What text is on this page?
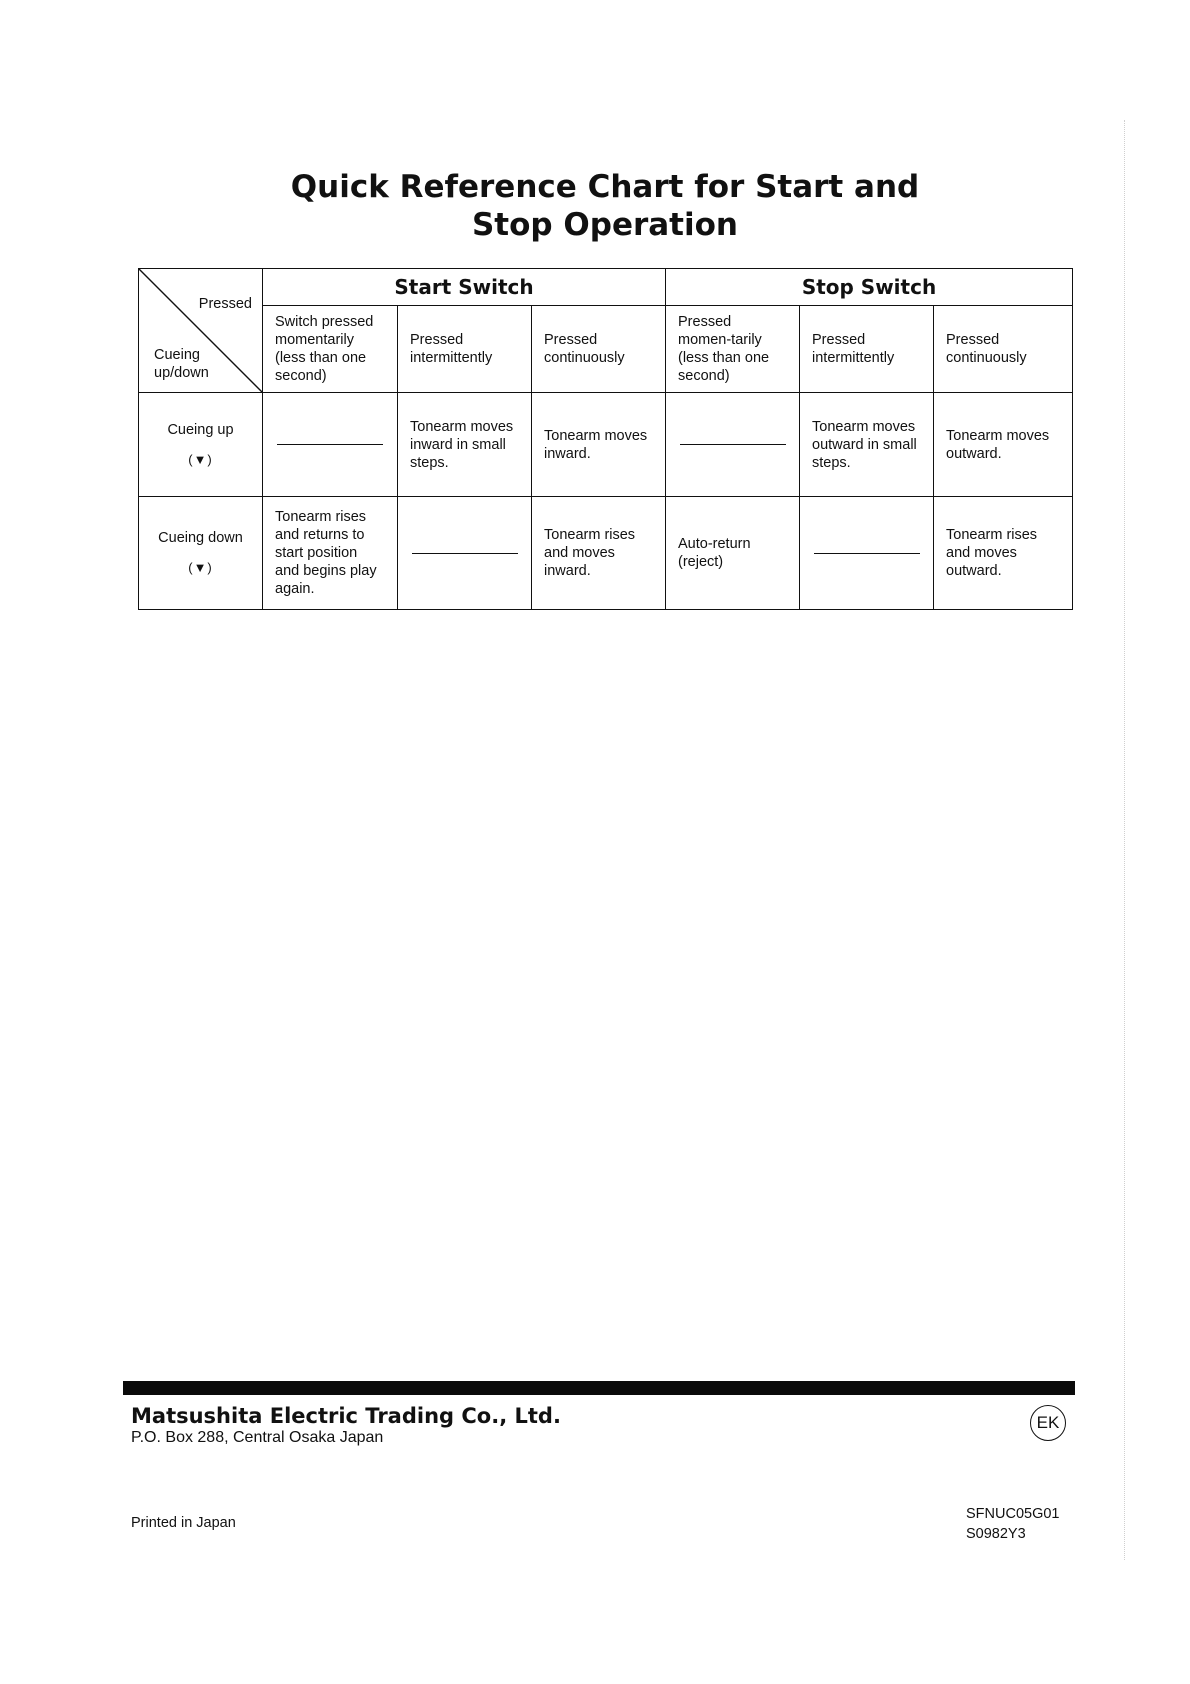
Quick Reference Chart for Start and
Stop Operation
Pressed
Cueing
up/down	Start Switch			Stop Switch		
	Switch pressed momentarily (less than one second)	Pressed intermittently	Pressed continuously	Pressed momen-tarily (less than one second)	Pressed intermittently	Pressed continuously
Cueing up
(▼)		Tonearm moves inward in small steps.	Tonearm moves inward.		Tonearm moves outward in small steps.	Tonearm moves outward.
Cueing down
(▼)	Tonearm rises and returns to start position and begins play again.		Tonearm rises and moves inward.	Auto-return (reject)		Tonearm rises and moves outward.
Matsushita Electric Trading Co., Ltd.
P.O. Box 288, Central Osaka Japan
EK
Printed in Japan
SFNUC05G01
S0982Y3
